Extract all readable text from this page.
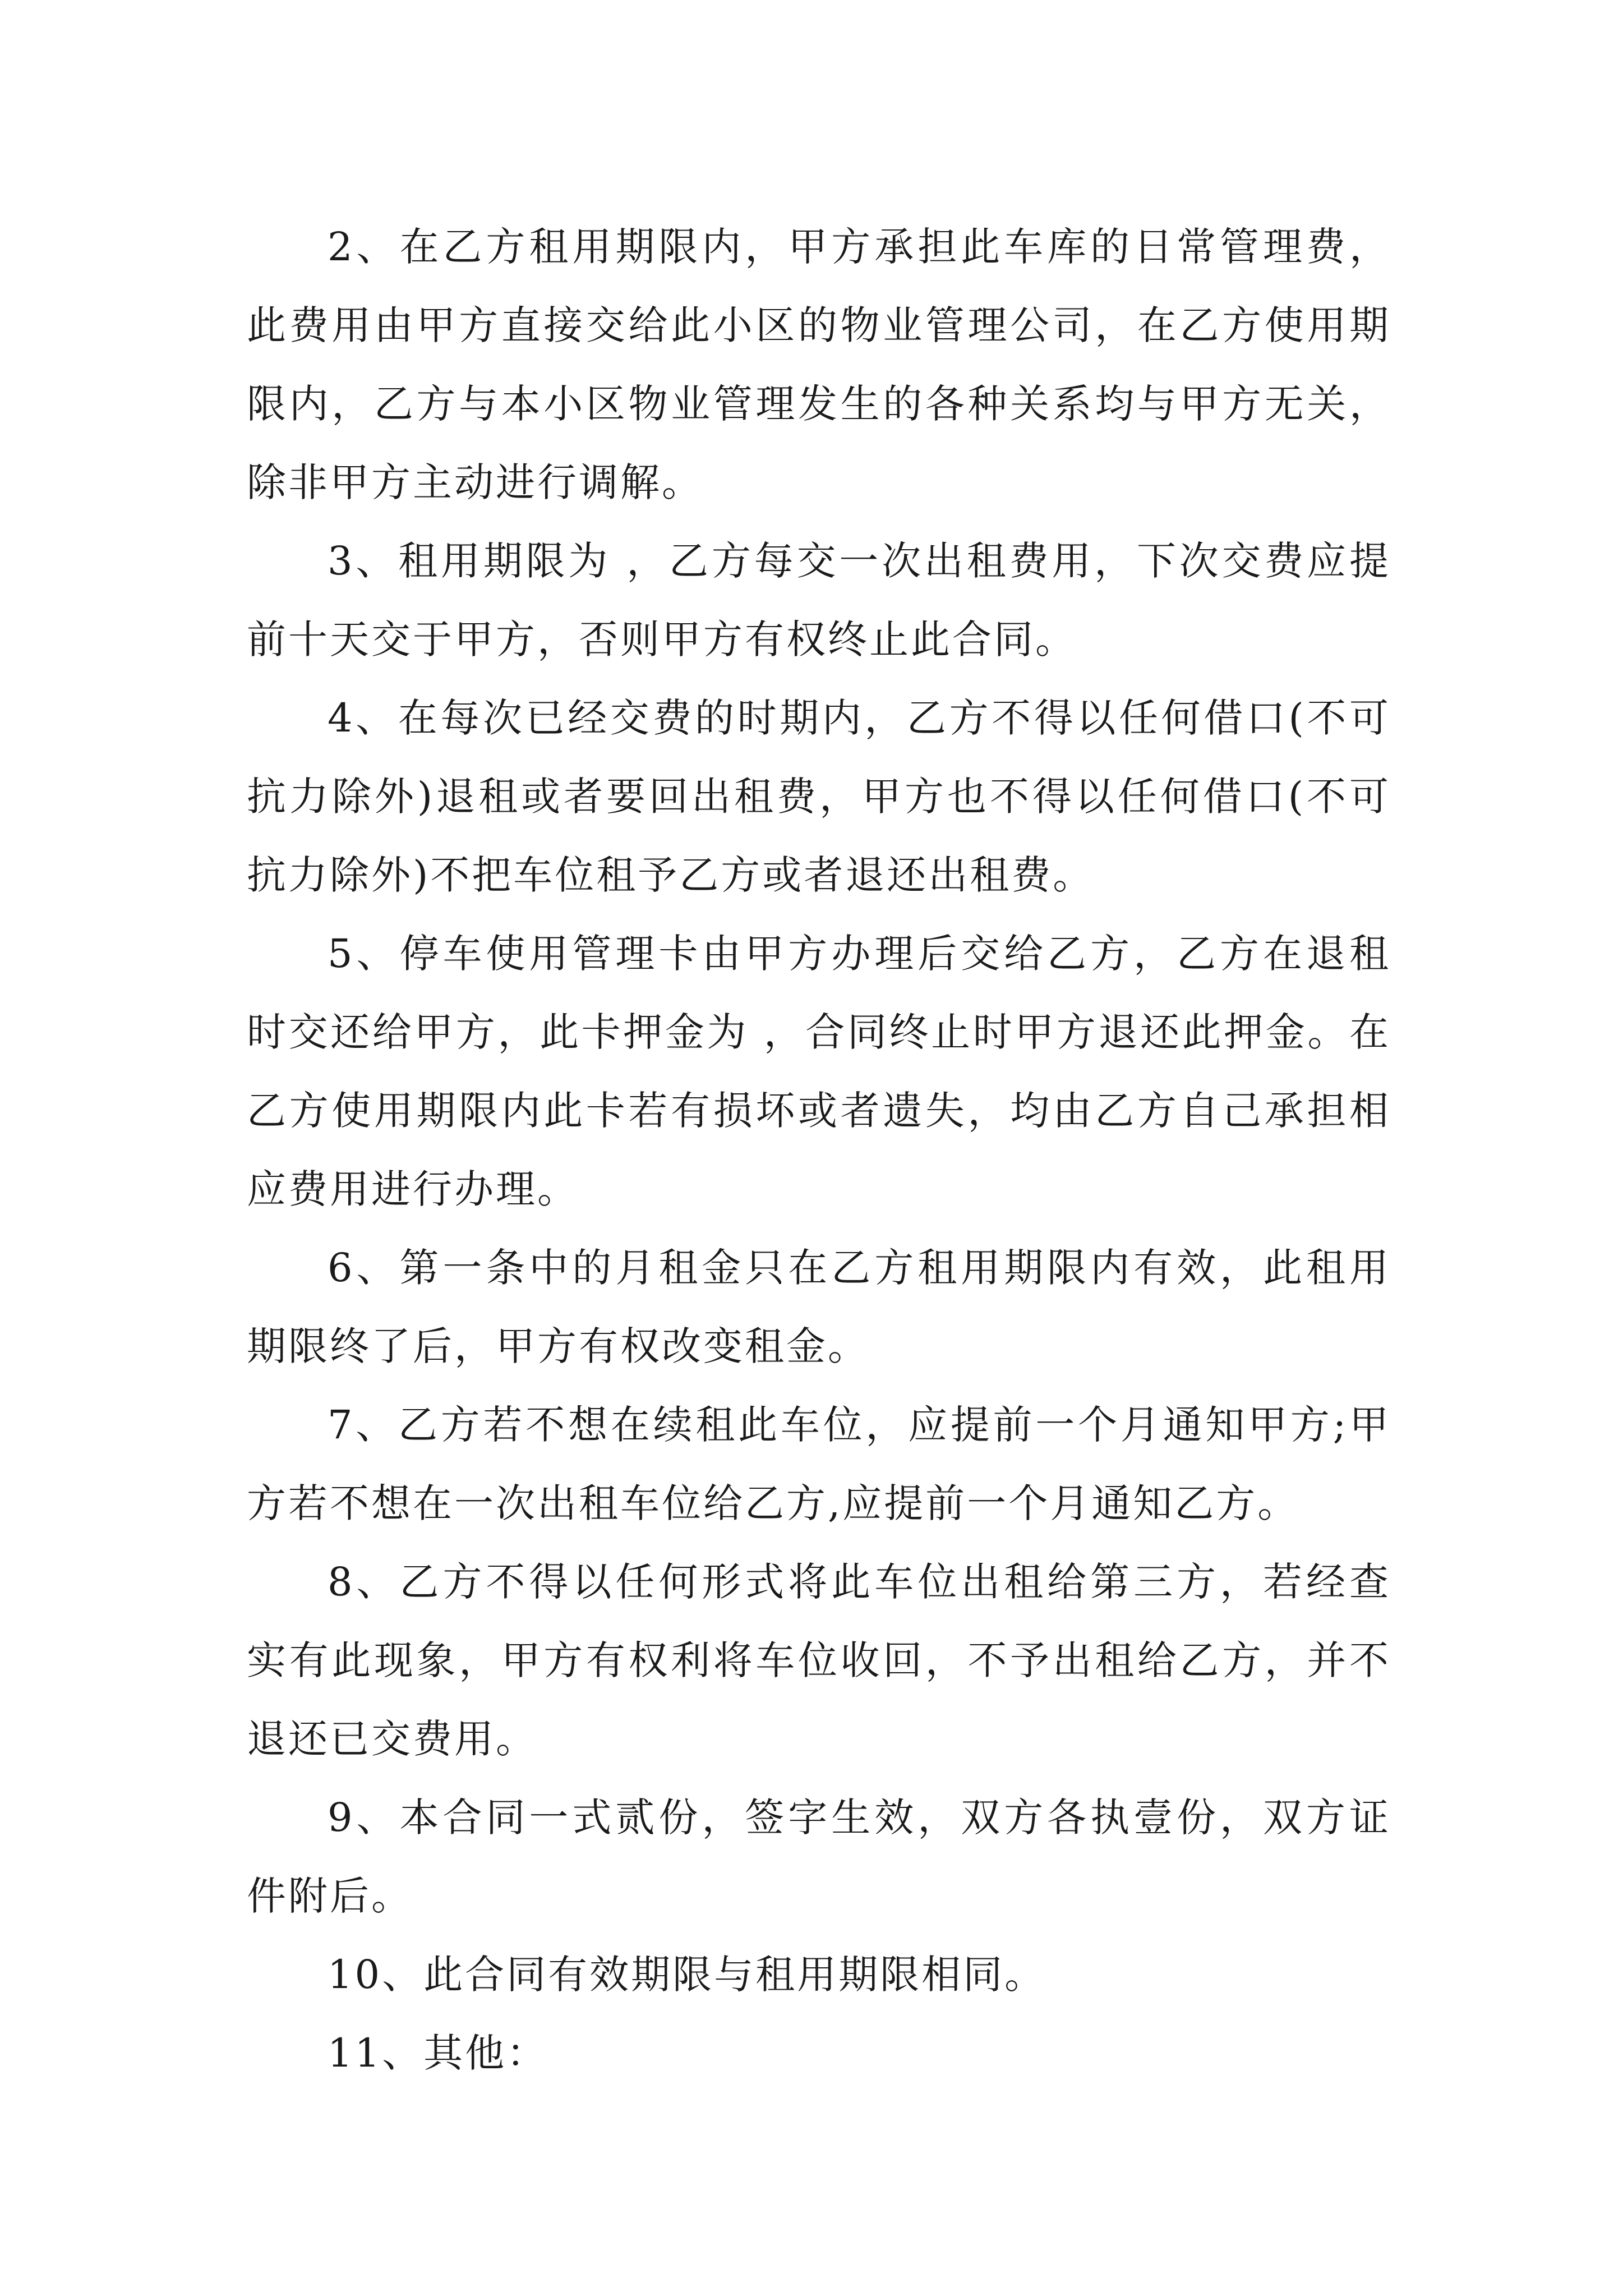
2、在乙方租用期限内，甲方承担此车库的日常管理费，此费用由甲方直接交给此小区的物业管理公司，在乙方使用期限内，乙方与本小区物业管理发生的各种关系均与甲方无关，除非甲方主动进行调解。

3、租用期限为 ，乙方每交一次出租费用，下次交费应提前十天交于甲方，否则甲方有权终止此合同。

4、在每次已经交费的时期内，乙方不得以任何借口(不可抗力除外)退租或者要回出租费，甲方也不得以任何借口(不可抗力除外)不把车位租予乙方或者退还出租费。

5、停车使用管理卡由甲方办理后交给乙方，乙方在退租时交还给甲方，此卡押金为 ，合同终止时甲方退还此押金。在乙方使用期限内此卡若有损坏或者遗失，均由乙方自己承担相应费用进行办理。

6、第一条中的月租金只在乙方租用期限内有效，此租用期限终了后，甲方有权改变租金。

7、乙方若不想在续租此车位，应提前一个月通知甲方;甲方若不想在一次出租车位给乙方,应提前一个月通知乙方。

8、乙方不得以任何形式将此车位出租给第三方，若经查实有此现象，甲方有权利将车位收回，不予出租给乙方，并不退还已交费用。

9、本合同一式贰份，签字生效，双方各执壹份，双方证件附后。

10、此合同有效期限与租用期限相同。

11、其他：
